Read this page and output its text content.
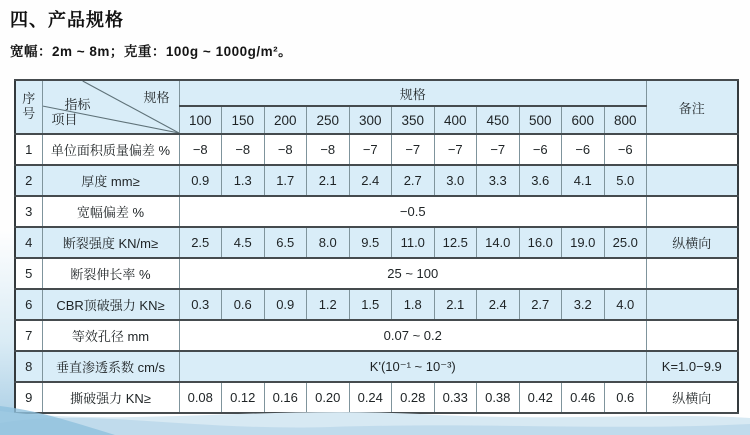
四、产品规格
宽幅：2m ~ 8m；克重：100g ~ 1000g/m²。
序号	指标 规格
项目	规格											备注
		100	150	200	250	300	350	400	450	500	600	800	
1	单位面积质量偏差 %	−8	−8	−8	−8	−7	−7	−7	−7	−6	−6	−6	
2	厚度 mm≥	0.9	1.3	1.7	2.1	2.4	2.7	3.0	3.3	3.6	4.1	5.0	
3	宽幅偏差 %	−0.5											
4	断裂强度 KN/m≥	2.5	4.5	6.5	8.0	9.5	11.0	12.5	14.0	16.0	19.0	25.0	纵横向
5	断裂伸长率 %	25 ~ 100											
6	CBR顶破强力 KN≥	0.3	0.6	0.9	1.2	1.5	1.8	2.1	2.4	2.7	3.2	4.0	
7	等效孔径 mm	0.07 ~ 0.2											
8	垂直渗透系数 cm/s	K'(10⁻¹ ~ 10⁻³)											K=1.0−9.9
9	撕破强力 KN≥	0.08	0.12	0.16	0.20	0.24	0.28	0.33	0.38	0.42	0.46	0.6	纵横向
